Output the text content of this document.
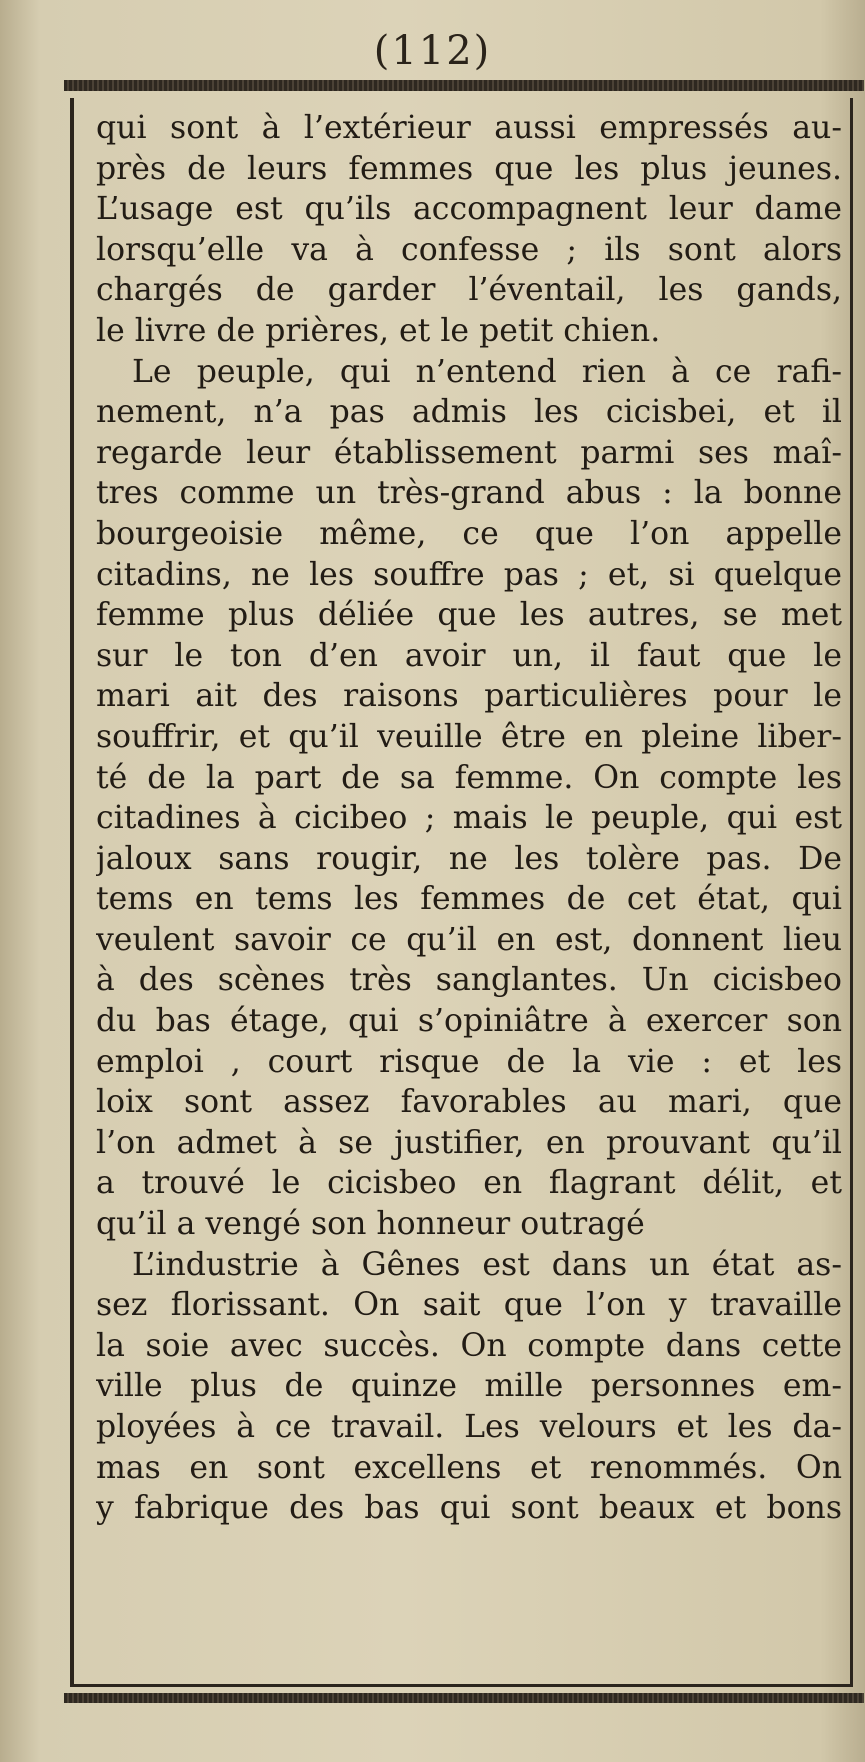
(112)
qui sont à l’extérieur aussi empressés au-
près de leurs femmes que les plus jeunes.
L’usage est qu’ils accompagnent leur dame
lorsqu’elle va à confesse ; ils sont alors
chargés de garder l’éventail, les gands,
le livre de prières, et le petit chien.
Le peuple, qui n’entend rien à ce rafi-
nement, n’a pas admis les cicisbei, et il
regarde leur établissement parmi ses maî-
tres comme un très-grand abus : la bonne
bourgeoisie même, ce que l’on appelle
citadins, ne les souffre pas ; et, si quelque
femme plus déliée que les autres, se met
sur le ton d’en avoir un, il faut que le
mari ait des raisons particulières pour le
souffrir, et qu’il veuille être en pleine liber-
té de la part de sa femme. On compte les
citadines à cicibeo ; mais le peuple, qui est
jaloux sans rougir, ne les tolère pas. De
tems en tems les femmes de cet état, qui
veulent savoir ce qu’il en est, donnent lieu
à des scènes très sanglantes. Un cicisbeo
du bas étage, qui s’opiniâtre à exercer son
emploi , court risque de la vie : et les
loix sont assez favorables au mari, que
l’on admet à se justifier, en prouvant qu’il
a trouvé le cicisbeo en flagrant délit, et
qu’il a vengé son honneur outragé
L’industrie à Gênes est dans un état as-
sez florissant. On sait que l’on y travaille
la soie avec succès. On compte dans cette
ville plus de quinze mille personnes em-
ployées à ce travail. Les velours et les da-
mas en sont excellens et renommés. On
y fabrique des bas qui sont beaux et bons
